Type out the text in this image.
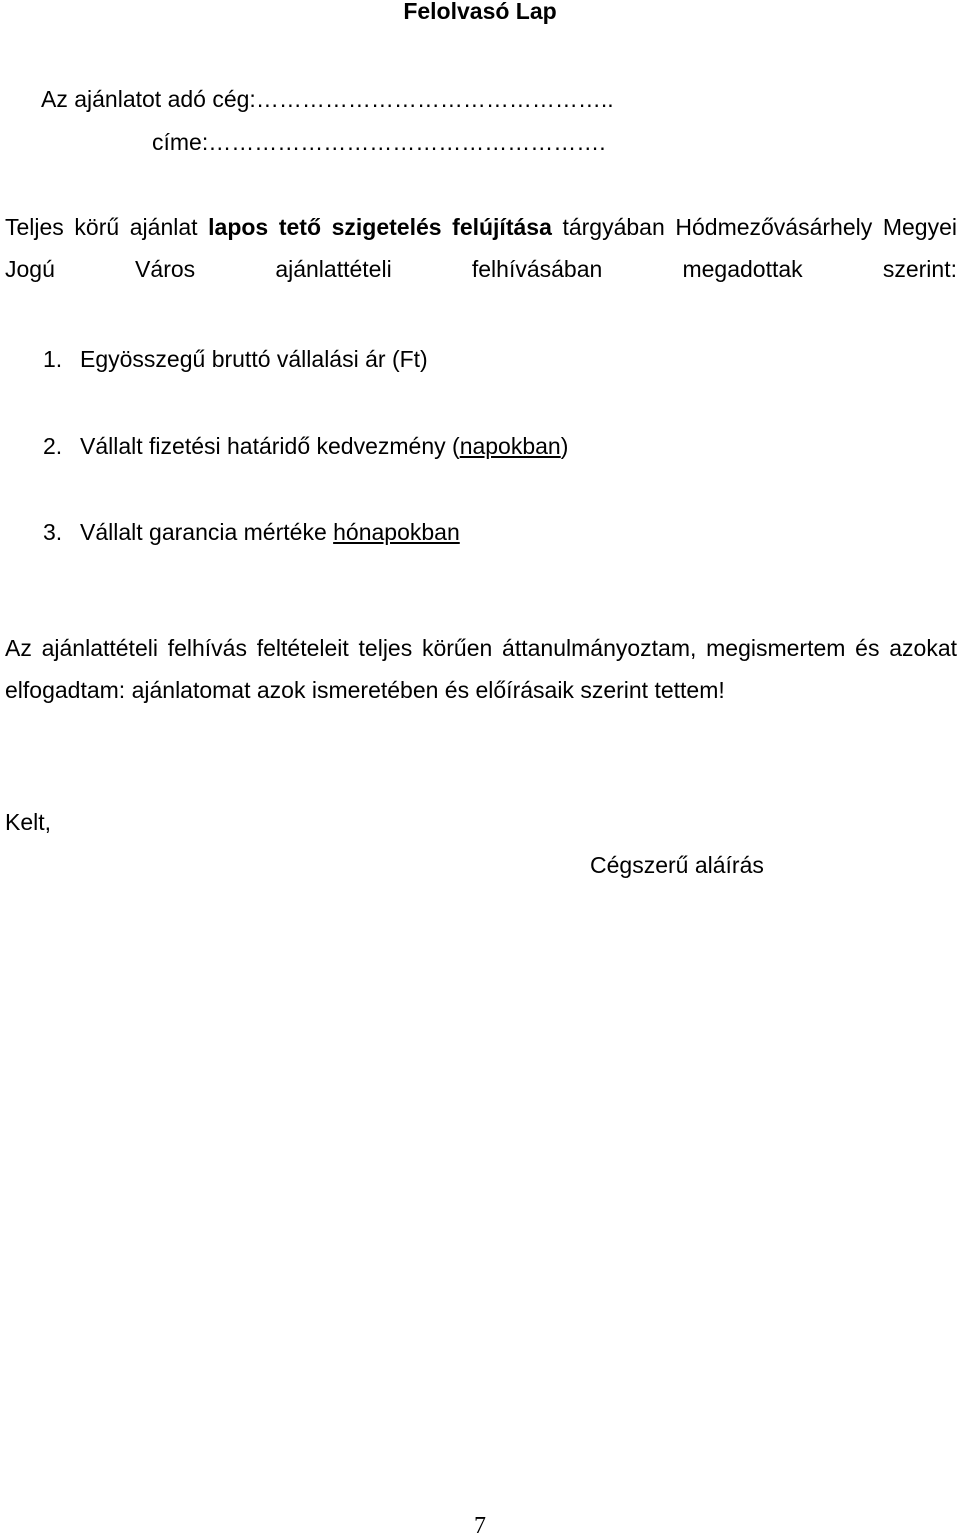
Felolvasó Lap
Az ajánlatot adó cég:………………………………………..
címe:…………………………………………….
Teljes körű ajánlat lapos tető szigetelés felújítása tárgyában Hódmezővásárhely Megyei Jogú Város ajánlattételi felhívásában megadottak szerint:
1. Egyösszegű bruttó vállalási ár (Ft)
2. Vállalt fizetési határidő kedvezmény (napokban)
3. Vállalt garancia mértéke hónapokban
Az ajánlattételi felhívás feltételeit teljes körűen áttanulmányoztam, megismertem és azokat elfogadtam: ajánlatomat azok ismeretében és előírásaik szerint tettem!
Kelt,
Cégszerű aláírás
7
